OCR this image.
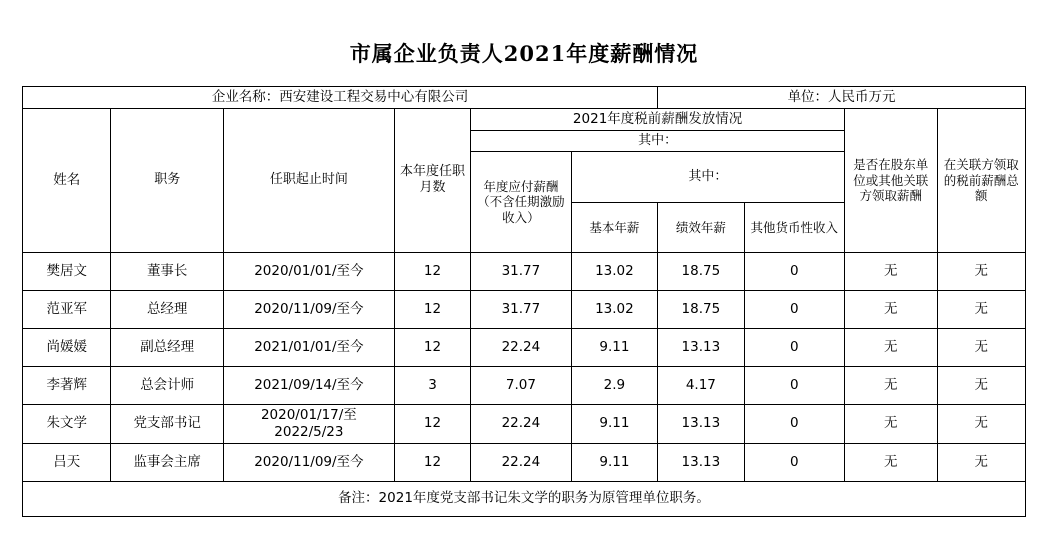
市属企业负责人2021年度薪酬情况
企业名称：西安建设工程交易中心有限公司						单位：人民币万元			
姓名	职务	任职起止时间	本年度任职月数	2021年度税前薪酬发放情况				是否在股东单位或其他关联方领取薪酬	在关联方领取的税前薪酬总额
				其中：					
				年度应付薪酬（不含任期激励收入）	其中：				
					基本年薪	绩效年薪	其他货币性收入		
樊居文	董事长	2020/01/01/至今	12	31.77	13.02	18.75	0	无	无
范亚军	总经理	2020/11/09/至今	12	31.77	13.02	18.75	0	无	无
尚媛媛	副总经理	2021/01/01/至今	12	22.24	9.11	13.13	0	无	无
李著辉	总会计师	2021/09/14/至今	3	7.07	2.9	4.17	0	无	无
朱文学	党支部书记	2020/01/17/至2022/5/23	12	22.24	9.11	13.13	0	无	无
吕天	监事会主席	2020/11/09/至今	12	22.24	9.11	13.13	0	无	无
备注：2021年度党支部书记朱文学的职务为原管理单位职务。									
